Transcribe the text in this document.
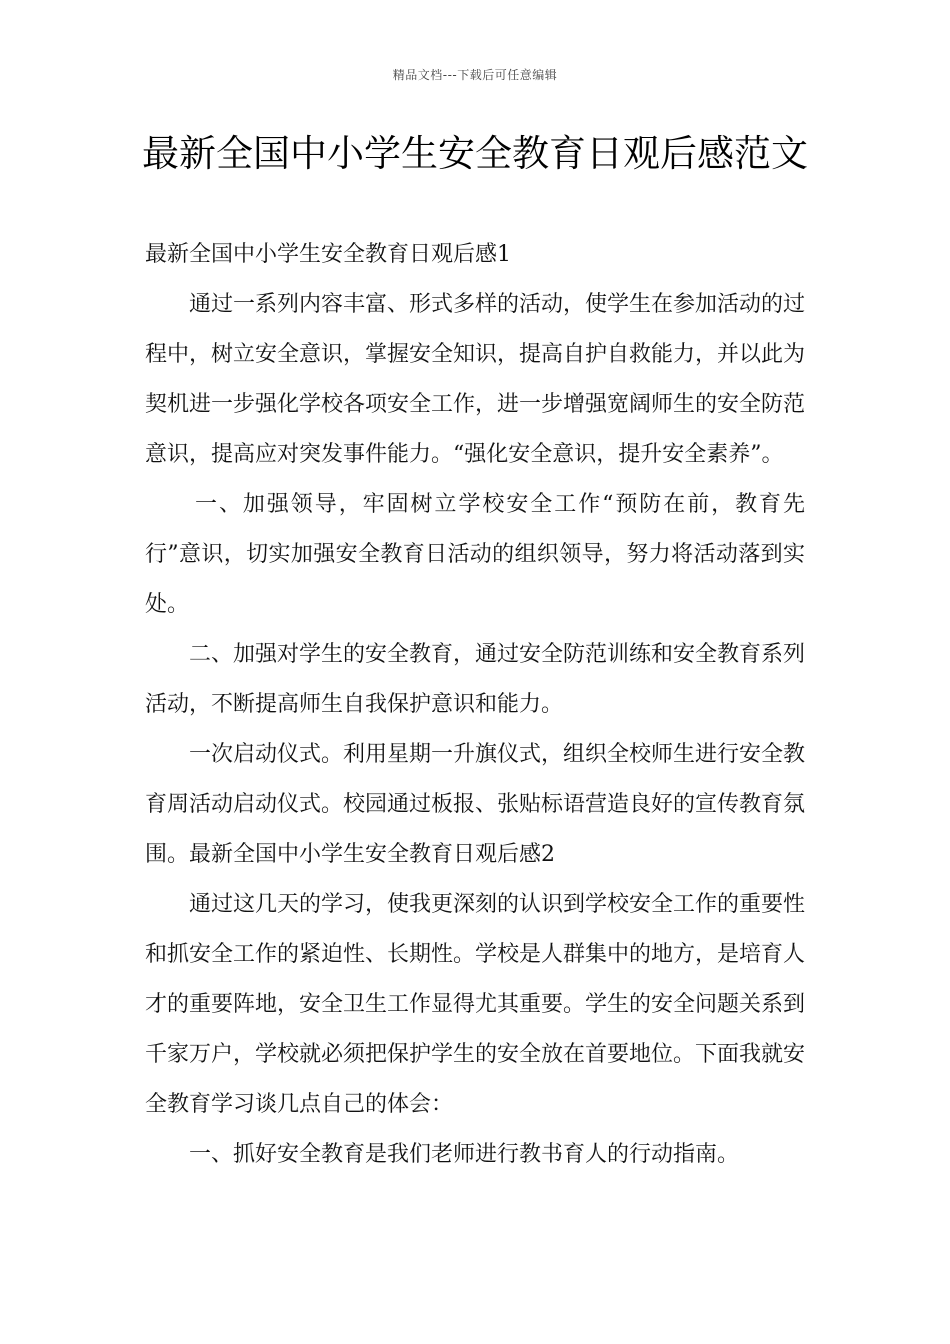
精品文档---下载后可任意编辑
最新全国中小学生安全教育日观后感范文

最新全国中小学生安全教育日观后感1

通过一系列内容丰富、形式多样的活动，使学生在参加活动的过程中，树立安全意识，掌握安全知识，提高自护自救能力，并以此为契机进一步强化学校各项安全工作，进一步增强宽阔师生的安全防范意识，提高应对突发事件能力。“强化安全意识，提升安全素养”。

一、加强领导，牢固树立学校安全工作“预防在前，教育先行”意识，切实加强安全教育日活动的组织领导，努力将活动落到实处。

二、加强对学生的安全教育，通过安全防范训练和安全教育系列活动，不断提高师生自我保护意识和能力。

一次启动仪式。利用星期一升旗仪式，组织全校师生进行安全教育周活动启动仪式。校园通过板报、张贴标语营造良好的宣传教育氛围。最新全国中小学生安全教育日观后感2

通过这几天的学习，使我更深刻的认识到学校安全工作的重要性和抓安全工作的紧迫性、长期性。学校是人群集中的地方，是培育人才的重要阵地，安全卫生工作显得尤其重要。学生的安全问题关系到千家万户，学校就必须把保护学生的安全放在首要地位。下面我就安全教育学习谈几点自己的体会：

一、抓好安全教育是我们老师进行教书育人的行动指南。
